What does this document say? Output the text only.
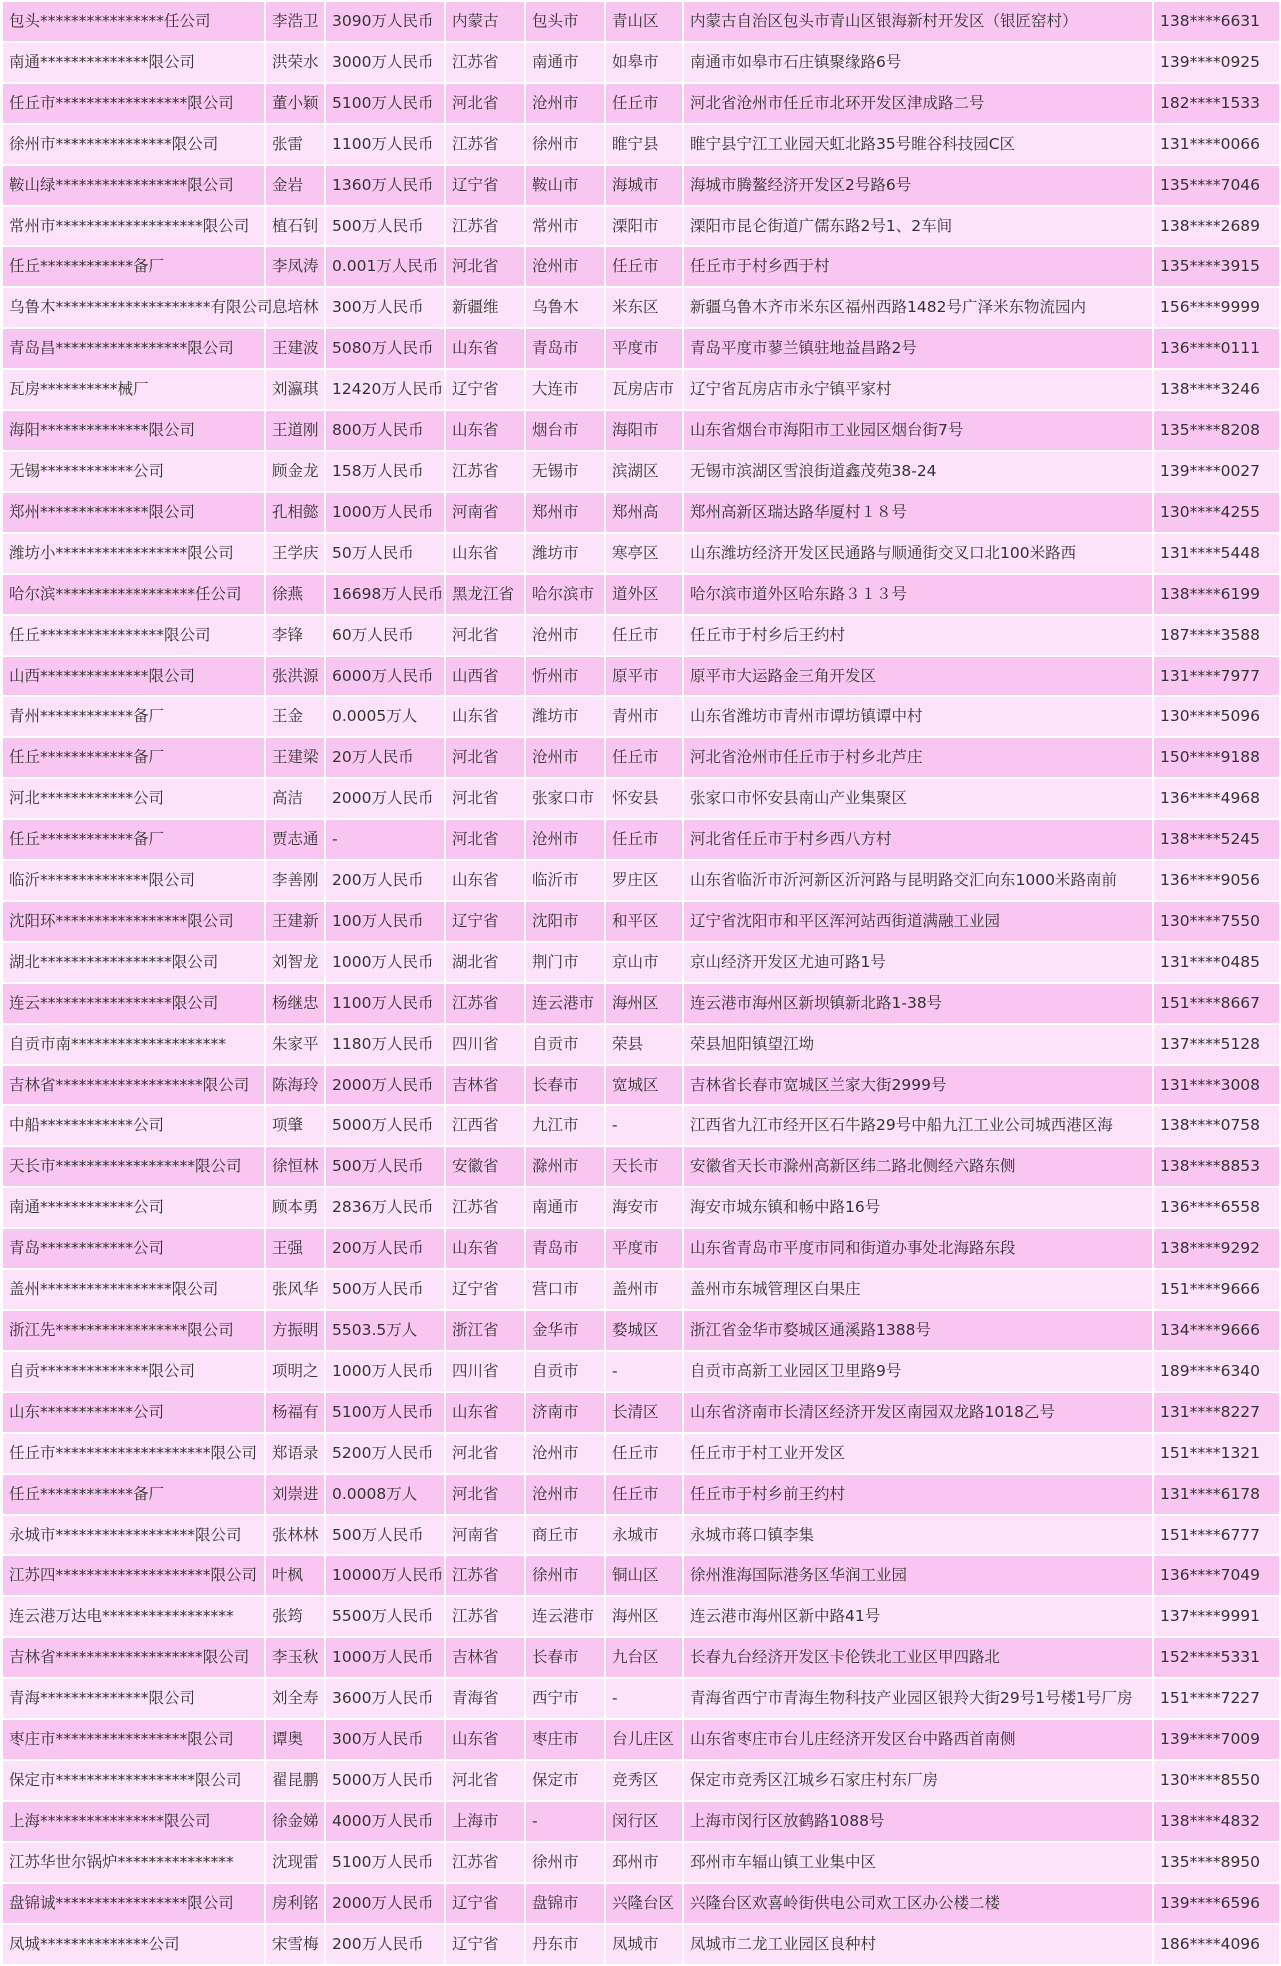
包头****************任公司	李浩卫	3090万人民币	内蒙古	包头市	青山区	内蒙古自治区包头市青山区银海新村开发区（银匠窑村）	138****6631
南通**************限公司	洪荣水	3000万人民币	江苏省	南通市	如皋市	南通市如皋市石庄镇聚缘路6号	139****0925
任丘市*****************限公司	董小颖	5100万人民币	河北省	沧州市	任丘市	河北省沧州市任丘市北环开发区津成路二号	182****1533
徐州市***************限公司	张雷	1100万人民币	江苏省	徐州市	睢宁县	睢宁县宁江工业园天虹北路35号睢谷科技园C区	131****0066
鞍山绿*****************限公司	金岩	1360万人民币	辽宁省	鞍山市	海城市	海城市腾鳌经济开发区2号路6号	135****7046
常州市*******************限公司	植石钊	500万人民币	江苏省	常州市	溧阳市	溧阳市昆仑街道广儒东路2号1、2车间	138****2689
任丘************备厂	李凤涛	0.001万人民币	河北省	沧州市	任丘市	任丘市于村乡西于村	135****3915
乌鲁木********************有限公司	息培林	300万人民币	新疆维	乌鲁木	米东区	新疆乌鲁木齐市米东区福州西路1482号广泽米东物流园内	156****9999
青岛昌*****************限公司	王建波	5080万人民币	山东省	青岛市	平度市	青岛平度市蓼兰镇驻地益昌路2号	136****0111
瓦房**********械厂	刘瀛琪	12420万人民币	辽宁省	大连市	瓦房店市	辽宁省瓦房店市永宁镇平家村	138****3246
海阳**************限公司	王道刚	800万人民币	山东省	烟台市	海阳市	山东省烟台市海阳市工业园区烟台街7号	135****8208
无锡************公司	顾金龙	158万人民币	江苏省	无锡市	滨湖区	无锡市滨湖区雪浪街道鑫茂苑38-24	139****0027
郑州**************限公司	孔相懿	1000万人民币	河南省	郑州市	郑州高	郑州高新区瑞达路华厦村１８号	130****4255
潍坊小*****************限公司	王学庆	50万人民币	山东省	潍坊市	寒亭区	山东潍坊经济开发区民通路与顺通街交叉口北100米路西	131****5448
哈尔滨******************任公司	徐燕	16698万人民币	黑龙江省	哈尔滨市	道外区	哈尔滨市道外区哈东路３１３号	138****6199
任丘****************限公司	李锋	60万人民币	河北省	沧州市	任丘市	任丘市于村乡后王约村	187****3588
山西**************限公司	张洪源	6000万人民币	山西省	忻州市	原平市	原平市大运路金三角开发区	131****7977
青州************备厂	王金	0.0005万人	山东省	潍坊市	青州市	山东省潍坊市青州市谭坊镇谭中村	130****5096
任丘************备厂	王建梁	20万人民币	河北省	沧州市	任丘市	河北省沧州市任丘市于村乡北芦庄	150****9188
河北************公司	高洁	2000万人民币	河北省	张家口市	怀安县	张家口市怀安县南山产业集聚区	136****4968
任丘************备厂	贾志通	-	河北省	沧州市	任丘市	河北省任丘市于村乡西八方村	138****5245
临沂**************限公司	李善刚	200万人民币	山东省	临沂市	罗庄区	山东省临沂市沂河新区沂河路与昆明路交汇向东1000米路南前	136****9056
沈阳环*****************限公司	王建新	100万人民币	辽宁省	沈阳市	和平区	辽宁省沈阳市和平区浑河站西街道满融工业园	130****7550
湖北*****************限公司	刘智龙	1000万人民币	湖北省	荆门市	京山市	京山经济开发区尤迪可路1号	131****0485
连云*****************限公司	杨继忠	1100万人民币	江苏省	连云港市	海州区	连云港市海州区新坝镇新北路1-38号	151****8667
自贡市南********************	朱家平	1180万人民币	四川省	自贡市	荣县	荣县旭阳镇望江坳	137****5128
吉林省*******************限公司	陈海玲	2000万人民币	吉林省	长春市	宽城区	吉林省长春市宽城区兰家大街2999号	131****3008
中船************公司	项肇	5000万人民币	江西省	九江市	-	江西省九江市经开区石牛路29号中船九江工业公司城西港区海	138****0758
天长市******************限公司	徐恒林	500万人民币	安徽省	滁州市	天长市	安徽省天长市滁州高新区纬二路北侧经六路东侧	138****8853
南通************公司	顾本勇	2836万人民币	江苏省	南通市	海安市	海安市城东镇和畅中路16号	136****6558
青岛************公司	王强	200万人民币	山东省	青岛市	平度市	山东省青岛市平度市同和街道办事处北海路东段	138****9292
盖州*****************限公司	张风华	500万人民币	辽宁省	营口市	盖州市	盖州市东城管理区白果庄	151****9666
浙江先*****************限公司	方振明	5503.5万人	浙江省	金华市	婺城区	浙江省金华市婺城区通溪路1388号	134****9666
自贡**************限公司	项明之	1000万人民币	四川省	自贡市	-	自贡市高新工业园区卫里路9号	189****6340
山东************公司	杨福有	5100万人民币	山东省	济南市	长清区	山东省济南市长清区经济开发区南园双龙路1018乙号	131****8227
任丘市********************限公司	郑语录	5200万人民币	河北省	沧州市	任丘市	任丘市于村工业开发区	151****1321
任丘************备厂	刘崇进	0.0008万人	河北省	沧州市	任丘市	任丘市于村乡前王约村	131****6178
永城市******************限公司	张林林	500万人民币	河南省	商丘市	永城市	永城市蒋口镇李集	151****6777
江苏四********************限公司	叶枫	10000万人民币	江苏省	徐州市	铜山区	徐州淮海国际港务区华润工业园	136****7049
连云港万达电*****************	张筠	5500万人民币	江苏省	连云港市	海州区	连云港市海州区新中路41号	137****9991
吉林省*******************限公司	李玉秋	1000万人民币	吉林省	长春市	九台区	长春九台经济开发区卡伦铁北工业区甲四路北	152****5331
青海**************限公司	刘全寿	3600万人民币	青海省	西宁市	-	青海省西宁市青海生物科技产业园区银羚大街29号1号楼1号厂房	151****7227
枣庄市*****************限公司	谭奥	300万人民币	山东省	枣庄市	台儿庄区	山东省枣庄市台儿庄经济开发区台中路西首南侧	139****7009
保定市******************限公司	翟昆鹏	5000万人民币	河北省	保定市	竞秀区	保定市竞秀区江城乡石家庄村东厂房	130****8550
上海****************限公司	徐金娣	4000万人民币	上海市	-	闵行区	上海市闵行区放鹤路1088号	138****4832
江苏华世尔锅炉***************	沈现雷	5100万人民币	江苏省	徐州市	邳州市	邳州市车辐山镇工业集中区	135****8950
盘锦诚*****************限公司	房利铭	2000万人民币	辽宁省	盘锦市	兴隆台区	兴隆台区欢喜岭街供电公司欢工区办公楼二楼	139****6596
凤城**************公司	宋雪梅	200万人民币	辽宁省	丹东市	凤城市	凤城市二龙工业园区良种村	186****4096
